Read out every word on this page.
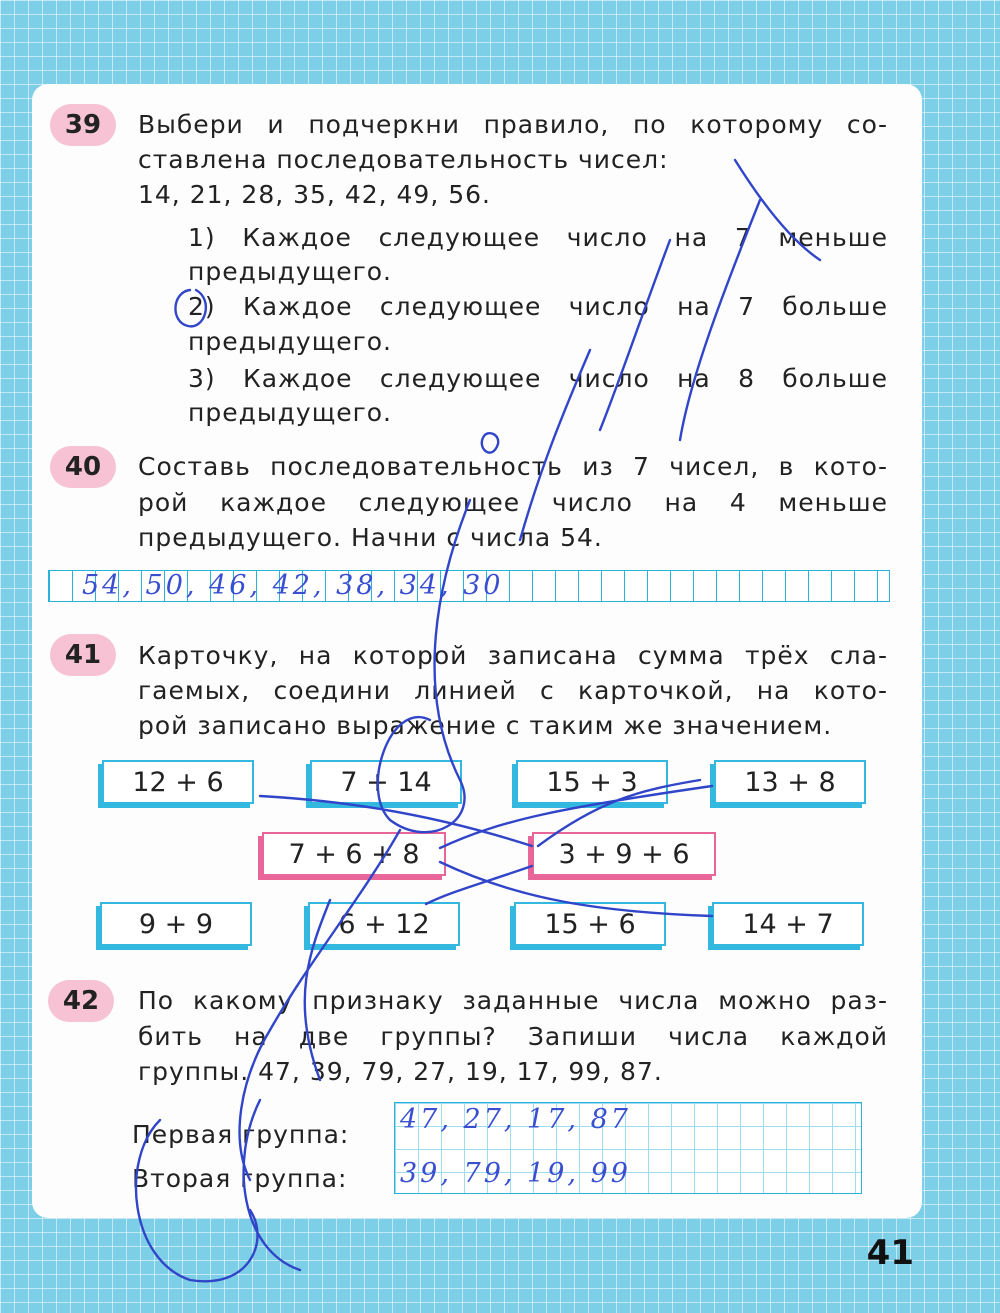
39	Выбери и подчеркни правило, по которому со-
ставлена последовательность чисел:
14, 21, 28, 35, 42, 49, 56.
1) Каждое следующее число на 7 меньше
предыдущего.
2) Каждое следующее число на 7 больше
предыдущего.
3) Каждое следующее число на 8 больше
предыдущего.
40	Составь последовательность из 7 чисел, в кото-
рой каждое следующее число на 4 меньше
предыдущего. Начни с числа 54.
54, 50, 46, 42, 38, 34, 30
41	Карточку, на которой записана сумма трёх сла-
гаемых, соедини линией с карточкой, на кото-
рой записано выражение с таким же значением.
12 + 6	7 + 14	15 + 3	13 + 8
7 + 6 + 8	3 + 9 + 6
9 + 9	6 + 12	15 + 6	14 + 7
42	По какому признаку заданные числа можно раз-
бить на две группы? Запиши числа каждой
группы. 47, 39, 79, 27, 19, 17, 99, 87.
Первая группа: 47, 27, 17, 87
Вторая группа: 39, 79, 19, 99
41
